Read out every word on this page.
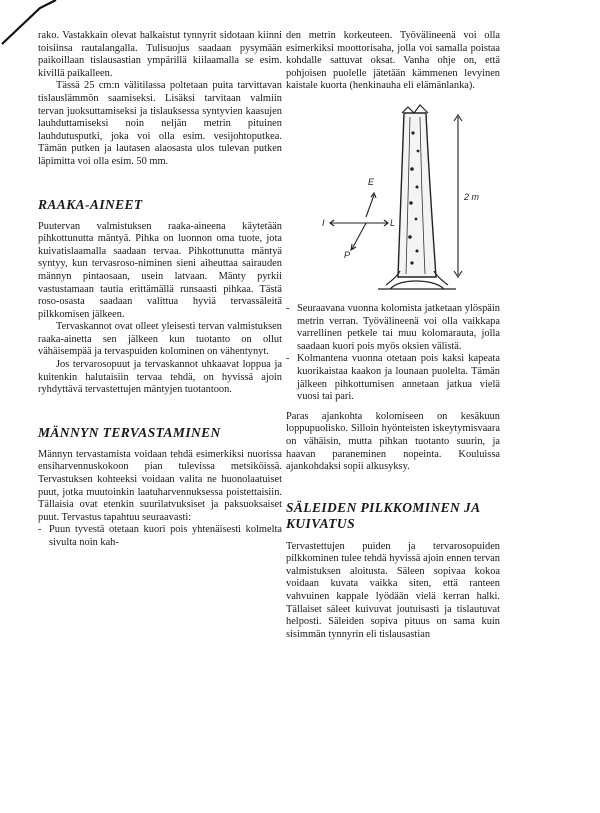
rako. Vastakkain olevat halkaistut tynnyrit sidotaan kiinni toisiinsa rautalangalla. Tulisuojus saadaan pysymään paikoillaan tislausastian ympärillä kiilaamalla se esim. kivillä paikalleen.

Tässä 25 cm:n välitilassa poltetaan puita tarvittavan tislauslämmön saamiseksi. Lisäksi tarvitaan valmiin tervan juoksuttamiseksi ja tislauksessa syntyvien kaasujen lauhduttamiseksi noin neljän metrin pituinen lauhdutusputki, joka voi olla esim. vesijohtoputkea. Tämän putken ja lautasen alaosasta ulos tulevan putken läpimitta voi olla esim. 50 mm.

RAAKA-AINEET

Puutervan valmistuksen raaka-aineena käytetään pihkottunutta mäntyä. Pihka on luonnon oma tuote, jota kuivatislaamalla saadaan tervaa. Pihkottunutta mäntyä syntyy, kun tervasroso-niminen sieni aiheuttaa sairauden männyn pintaosaan, usein latvaan. Mänty pyrkii vastustamaan tautia erittämällä runsaasti pihkaa. Tästä roso-osasta saadaan valittua hyviä tervassäleitä pilkkomisen jälkeen.

Tervaskannot ovat olleet yleisesti tervan valmistuksen raaka-ainetta sen jälkeen kun tuotanto on ollut vähäisempää ja tervaspuiden kolominen on vähentynyt.

Jos tervarosopuut ja tervaskannot uhkaavat loppua ja kuitenkin halutaisiin tervaa tehdä, on hyvissä ajoin ryhdyttävä tervastettujen mäntyjen tuotantoon.

MÄNNYN TERVASTAMINEN

Männyn tervastamista voidaan tehdä esimerkiksi nuorissa ensiharvennuskokoon pian tulevissa metsiköissä. Tervastuksen kohteeksi voidaan valita ne huonolaatuiset puut, jotka muutoinkin laatuharvennuksessa poistettaisiin. Tällaisia ovat etenkin suurilatvuksiset ja paksuoksaiset puut. Tervastus tapahtuu seuraavasti:

- Puun tyvestä otetaan kuori pois yhtenäisesti kolmelta sivulta noin kah-

den metrin korkeuteen. Työvälineenä voi olla esimerkiksi moottorisaha, jolla voi samalla poistaa kohdalle sattuvat oksat. Vanha ohje on, että pohjoisen puolelle jätetään kämmenen levyinen kaistale kuorta (henkinauha eli elämänlanka).

E
L
I
P
2 m
- Seuraavana vuonna kolomista jatketaan ylöspäin metrin verran. Työvälineenä voi olla vaikkapa varrellinen petkele tai muu kolomarauta, jolla saadaan kuori pois myös oksien välistä.
- Kolmantena vuonna otetaan pois kaksi kapeata kuorikaistaa kaakon ja lounaan puolelta. Tämän jälkeen pihkottumisen annetaan jatkua vielä vuosi tai pari.

Paras ajankohta kolomiseen on kesäkuun loppupuolisko. Silloin hyönteisten iskeytymisvaara on vähäisin, mutta pihkan tuotanto suurin, ja haavan paraneminen nopeinta. Kouluissa ajankohdaksi sopii alkusyksy.

SÄLEIDEN PILKKOMINEN JA KUIVATUS

Tervastettujen puiden ja tervarosopuiden pilkkominen tulee tehdä hyvissä ajoin ennen tervan valmistuksen aloitusta. Säleen sopivaa kokoa voidaan kuvata vaikka siten, että ranteen vahvuinen kappale lyödään vielä kerran halki. Tällaiset säleet kuivuvat joutuisasti ja tislautuvat helposti. Säleiden sopiva pituus on sama kuin sisimmän tynnyrin eli tislausastian
